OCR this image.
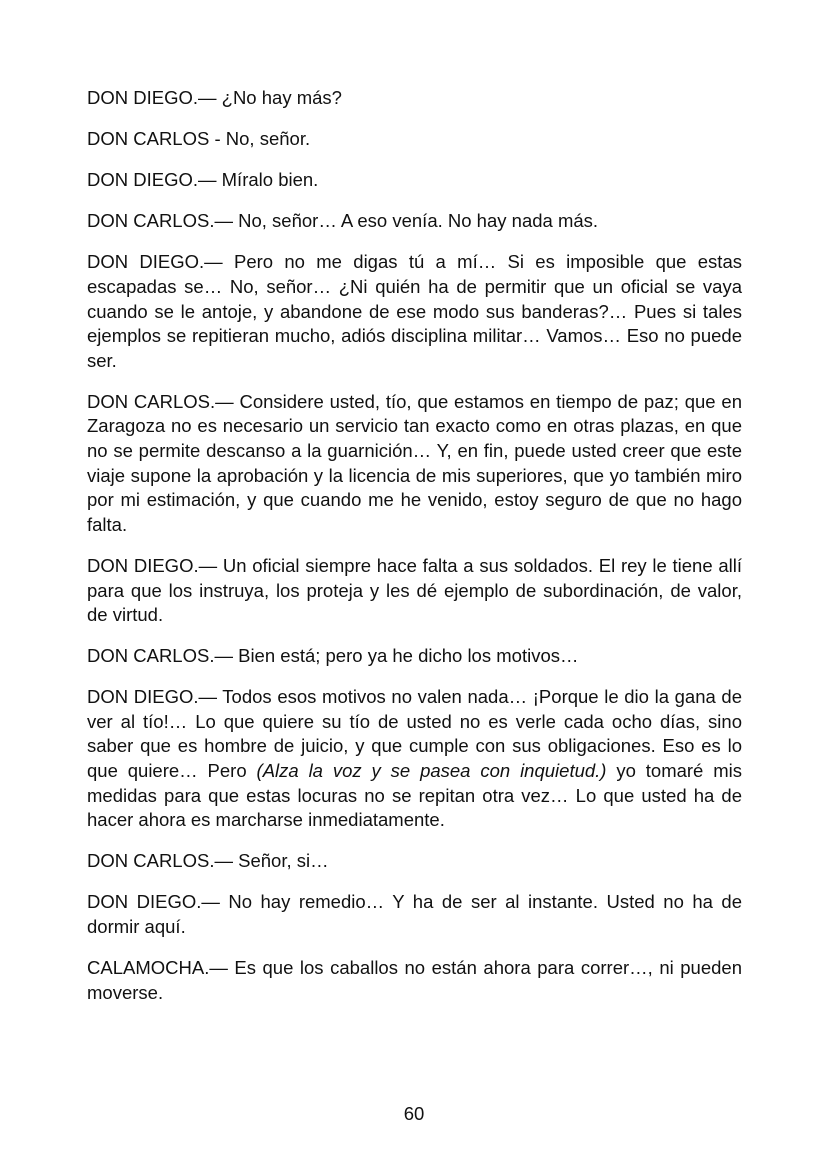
DON DIEGO.— ¿No hay más?

DON CARLOS - No, señor.

DON DIEGO.— Míralo bien.

DON CARLOS.— No, señor… A eso venía. No hay nada más.

DON DIEGO.— Pero no me digas tú a mí… Si es imposible que estas escapadas se… No, señor… ¿Ni quién ha de permitir que un oficial se vaya cuando se le antoje, y abandone de ese modo sus banderas?… Pues si tales ejemplos se repitieran mucho, adiós disciplina militar… Vamos… Eso no puede ser.

DON CARLOS.— Considere usted, tío, que estamos en tiempo de paz; que en Zaragoza no es necesario un servicio tan exacto como en otras plazas, en que no se permite descanso a la guarnición… Y, en fin, puede usted creer que este viaje supone la aprobación y la licencia de mis superiores, que yo también miro por mi estimación, y que cuando me he venido, estoy seguro de que no hago falta.

DON DIEGO.— Un oficial siempre hace falta a sus soldados. El rey le tiene allí para que los instruya, los proteja y les dé ejemplo de subordinación, de valor, de virtud.

DON CARLOS.— Bien está; pero ya he dicho los motivos…

DON DIEGO.— Todos esos motivos no valen nada… ¡Porque le dio la gana de ver al tío!… Lo que quiere su tío de usted no es verle cada ocho días, sino saber que es hombre de juicio, y que cumple con sus obligaciones. Eso es lo que quiere… Pero (Alza la voz y se pasea con inquietud.) yo tomaré mis medidas para que estas locuras no se repitan otra vez… Lo que usted ha de hacer ahora es marcharse inmediatamente.

DON CARLOS.— Señor, si…

DON DIEGO.— No hay remedio… Y ha de ser al instante. Usted no ha de dormir aquí.

CALAMOCHA.— Es que los caballos no están ahora para correr…, ni pueden moverse.

60
